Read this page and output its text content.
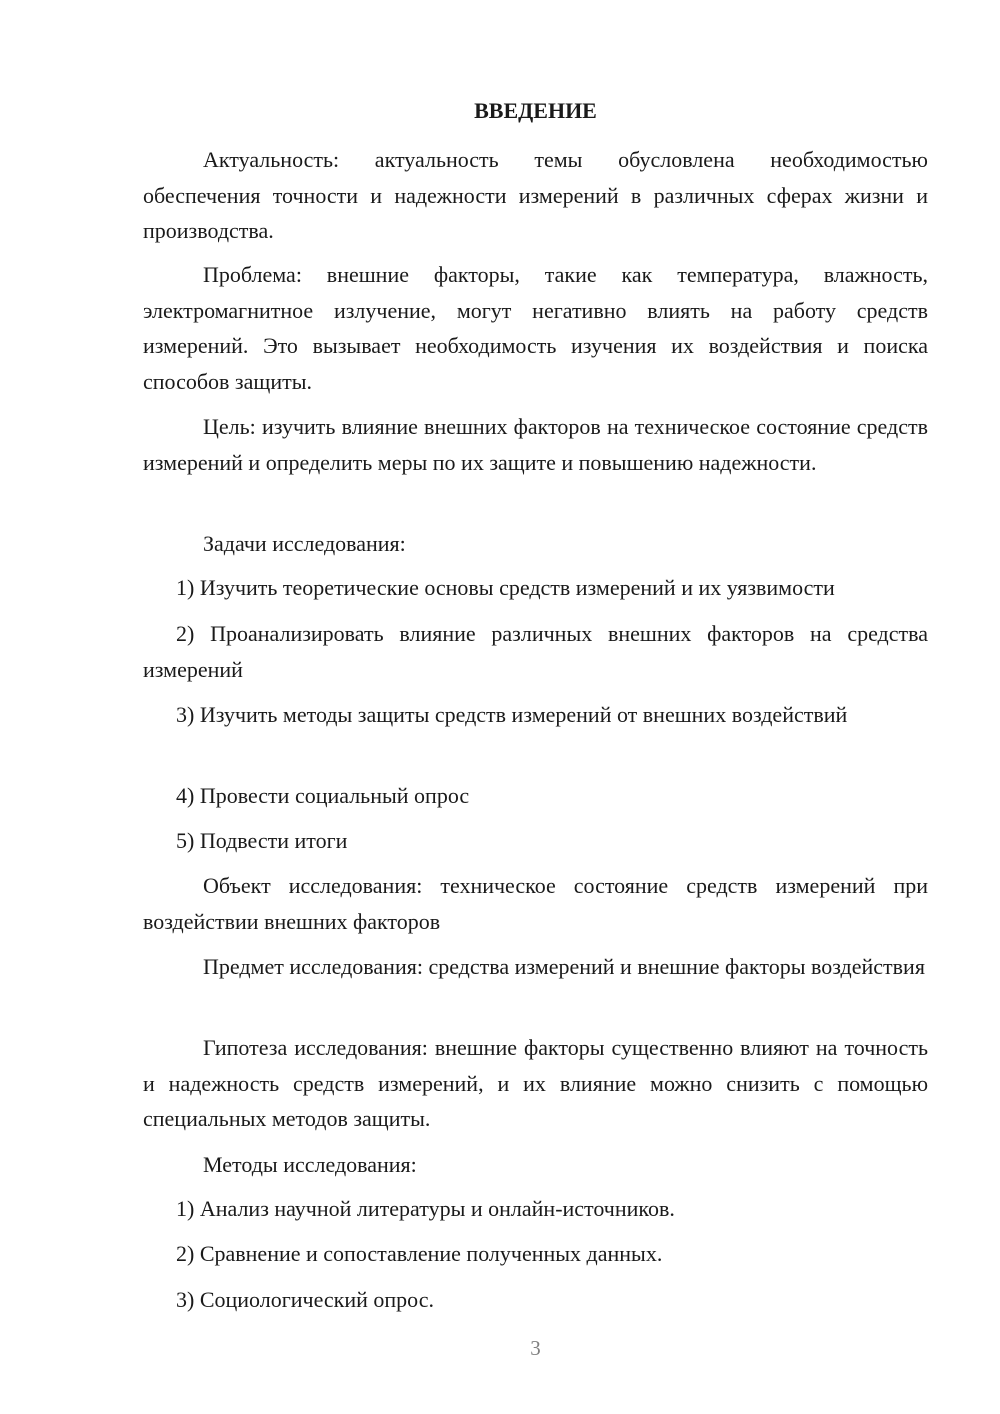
ВВЕДЕНИЕ

Актуальность: актуальность темы обусловлена необходимостью обеспечения точности и надежности измерений в различных сферах жизни и производства.

Проблема: внешние факторы, такие как температура, влажность, электромагнитное излучение, могут негативно влиять на работу средств измерений. Это вызывает необходимость изучения их воздействия и поиска способов защиты.

Цель: изучить влияние внешних факторов на техническое состояние средств измерений и определить меры по их защите и повышению надежности.

Задачи исследования:

1) Изучить теоретические основы средств измерений и их уязвимости

2) Проанализировать влияние различных внешних факторов на средства измерений

3) Изучить методы защиты средств измерений от внешних воздействий

4) Провести социальный опрос

5) Подвести итоги

Объект исследования: техническое состояние средств измерений при воздействии внешних факторов

Предмет исследования: средства измерений и внешние факторы воздействия

Гипотеза исследования: внешние факторы существенно влияют на точность и надежность средств измерений, и их влияние можно снизить с помощью специальных методов защиты.

Методы исследования:

1) Анализ научной литературы и онлайн-источников.

2) Сравнение и сопоставление полученных данных.

3) Социологический опрос.

3
